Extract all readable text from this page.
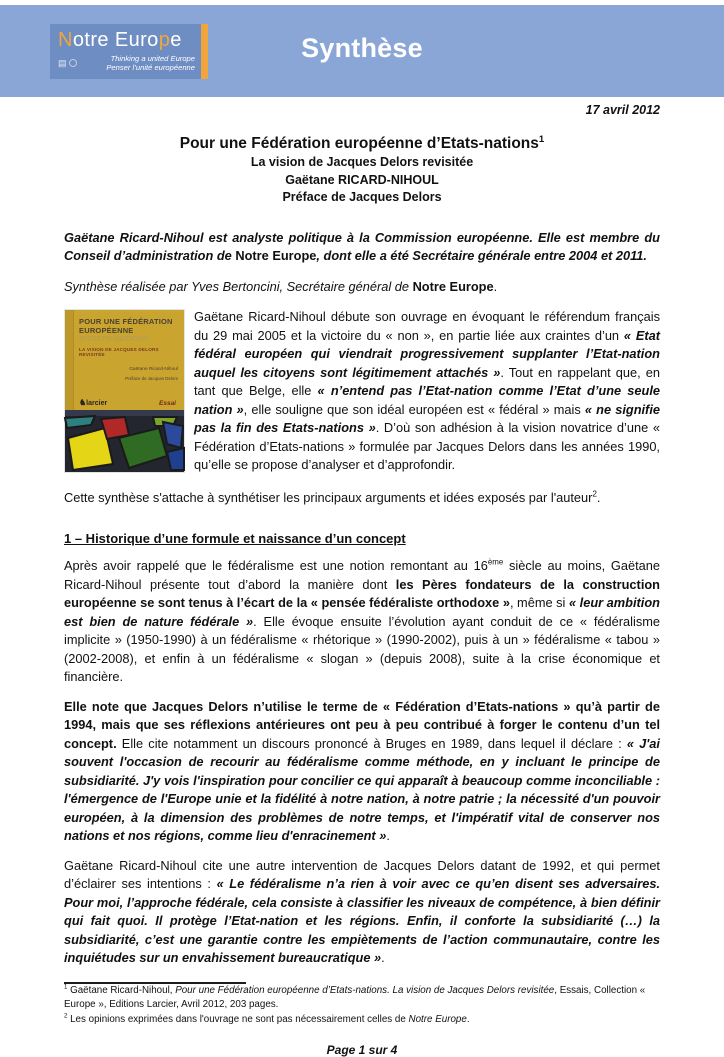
Notre Europe
▤	Thinking a united Europe
Penser l’unité européenne
Synthèse
17 avril 2012
Pour une Fédération européenne d’Etats-nations$^1$
La vision de Jacques Delors revisitée
Gaëtane RICARD-NIHOUL
Préface de Jacques Delors

Gaëtane Ricard-Nihoul est analyste politique à la Commission européenne. Elle est membre du Conseil d’administration de Notre Europe, dont elle a été Secrétaire générale entre 2004 et 2011.

Synthèse réalisée par Yves Bertoncini, Secrétaire général de Notre Europe.

POUR UNE FÉDÉRATION
EUROPÉENNE
D’ETATS-NATIONS
LA VISION DE JACQUES DELORS REVISITÉE
Gaëtane Ricard-Nihoul
Préface de Jacques Delors
♞larcier	Essai

Gaëtane Ricard-Nihoul débute son ouvrage en évoquant le référendum français du 29 mai 2005 et la victoire du « non », en partie liée aux craintes d’un « Etat fédéral européen qui viendrait progressivement supplanter l’Etat-nation auquel les citoyens sont légitimement attachés ». Tout en rappelant que, en tant que Belge, elle « n’entend pas l’Etat-nation comme l’Etat d’une seule nation », elle souligne que son idéal européen est « fédéral » mais « ne signifie pas la fin des Etats-nations ». D’où son adhésion à la vision novatrice d’une « Fédération d’Etats-nations » formulée par Jacques Delors dans les années 1990, qu’elle se propose d’analyser et d’approfondir.

Cette synthèse s'attache à synthétiser les principaux arguments et idées exposés par l'auteur$^2$.

1 – Historique d’une formule et naissance d’un concept

Après avoir rappelé que le fédéralisme est une notion remontant au 16ème siècle au moins, Gaëtane Ricard-Nihoul présente tout d’abord la manière dont les Pères fondateurs de la construction européenne se sont tenus à l’écart de la « pensée fédéraliste orthodoxe », même si « leur ambition est bien de nature fédérale ». Elle évoque ensuite l’évolution ayant conduit de ce « fédéralisme implicite » (1950-1990) à un fédéralisme « rhétorique » (1990-2002), puis à un » fédéralisme « tabou » (2002-2008), et enfin à un fédéralisme « slogan » (depuis 2008), suite à la crise économique et financière.

Elle note que Jacques Delors n’utilise le terme de « Fédération d’Etats-nations » qu’à partir de 1994, mais que ses réflexions antérieures ont peu à peu contribué à forger le contenu d’un tel concept. Elle cite notamment un discours prononcé à Bruges en 1989, dans lequel il déclare : « J'ai souvent l'occasion de recourir au fédéralisme comme méthode, en y incluant le principe de subsidiarité. J'y vois l'inspiration pour concilier ce qui apparaît à beaucoup comme inconciliable : l'émergence de l'Europe unie et la fidélité à notre nation, à notre patrie ; la nécessité d'un pouvoir européen, à la dimension des problèmes de notre temps, et l'impératif vital de conserver nos nations et nos régions, comme lieu d'enracinement ».

Gaëtane Ricard-Nihoul cite une autre intervention de Jacques Delors datant de 1992, et qui permet d’éclairer ses intentions : « Le fédéralisme n’a rien à voir avec ce qu’en disent ses adversaires. Pour moi, l’approche fédérale, cela consiste à classifier les niveaux de compétence, à bien définir qui fait quoi. Il protège l’Etat-nation et les régions. Enfin, il conforte la subsidiarité (…) la subsidiarité, c’est une garantie contre les empiètements de l’action communautaire, contre les inquiétudes sur un envahissement bureaucratique ».

$^1$ Gaëtane Ricard-Nihoul, Pour une Fédération européenne d’Etats-nations. La vision de Jacques Delors revisitée, Essais, Collection « Europe », Editions Larcier, Avril 2012, 203 pages.

$^2$ Les opinions exprimées dans l'ouvrage ne sont pas nécessairement celles de Notre Europe.

Page 1 sur 4
